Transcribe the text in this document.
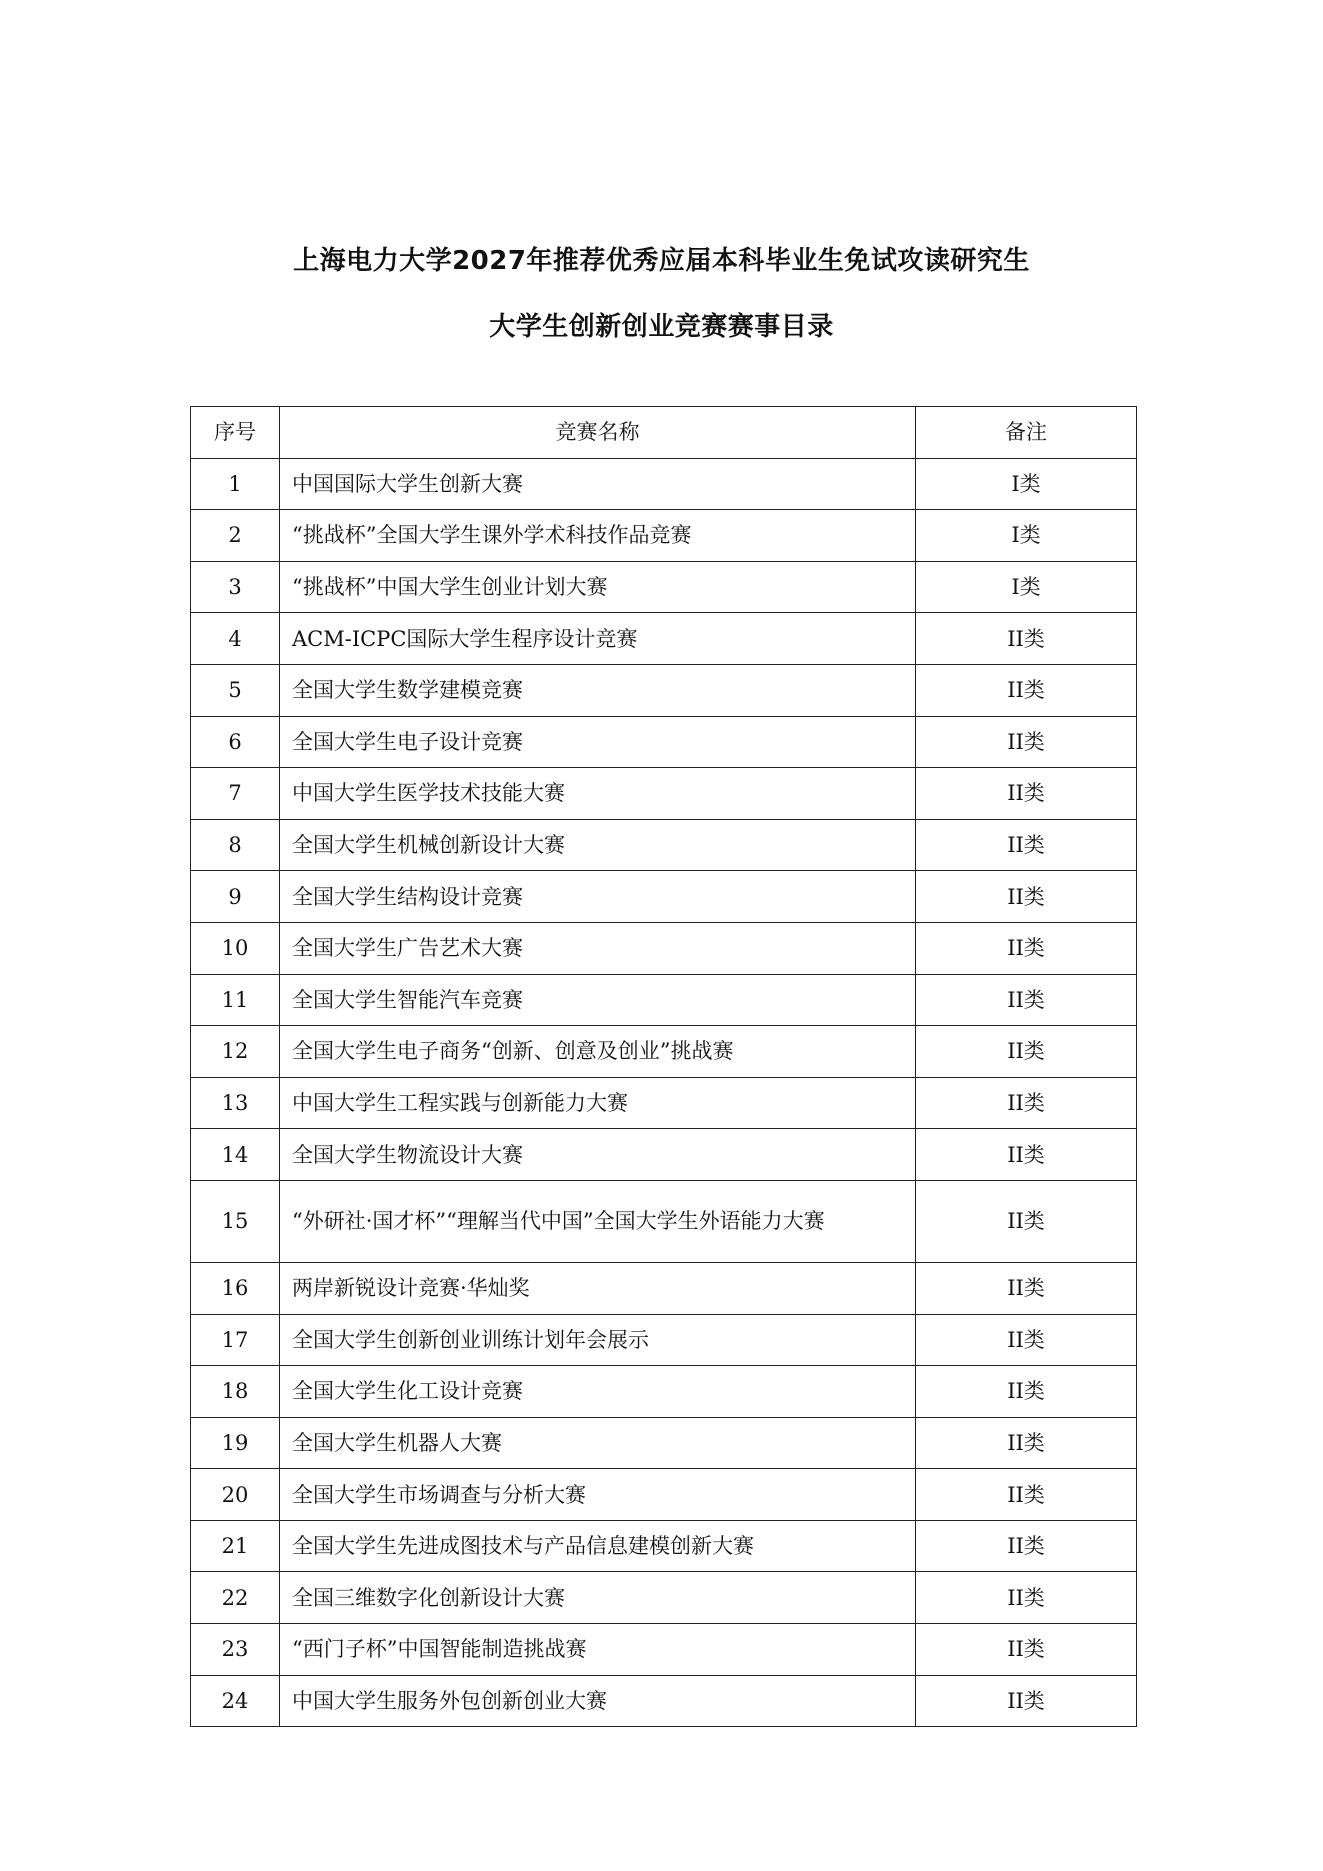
上海电力大学2027年推荐优秀应届本科毕业生免试攻读研究生
大学生创新创业竞赛赛事目录
序号	竞赛名称	备注
1	中国国际大学生创新大赛	I类
2	“挑战杯”全国大学生课外学术科技作品竞赛	I类
3	“挑战杯”中国大学生创业计划大赛	I类
4	ACM-ICPC国际大学生程序设计竞赛	II类
5	全国大学生数学建模竞赛	II类
6	全国大学生电子设计竞赛	II类
7	中国大学生医学技术技能大赛	II类
8	全国大学生机械创新设计大赛	II类
9	全国大学生结构设计竞赛	II类
10	全国大学生广告艺术大赛	II类
11	全国大学生智能汽车竞赛	II类
12	全国大学生电子商务“创新、创意及创业”挑战赛	II类
13	中国大学生工程实践与创新能力大赛	II类
14	全国大学生物流设计大赛	II类
15	“外研社·国才杯”“理解当代中国”全国大学生外语能力大赛	II类
16	两岸新锐设计竞赛·华灿奖	II类
17	全国大学生创新创业训练计划年会展示	II类
18	全国大学生化工设计竞赛	II类
19	全国大学生机器人大赛	II类
20	全国大学生市场调查与分析大赛	II类
21	全国大学生先进成图技术与产品信息建模创新大赛	II类
22	全国三维数字化创新设计大赛	II类
23	“西门子杯”中国智能制造挑战赛	II类
24	中国大学生服务外包创新创业大赛	II类
